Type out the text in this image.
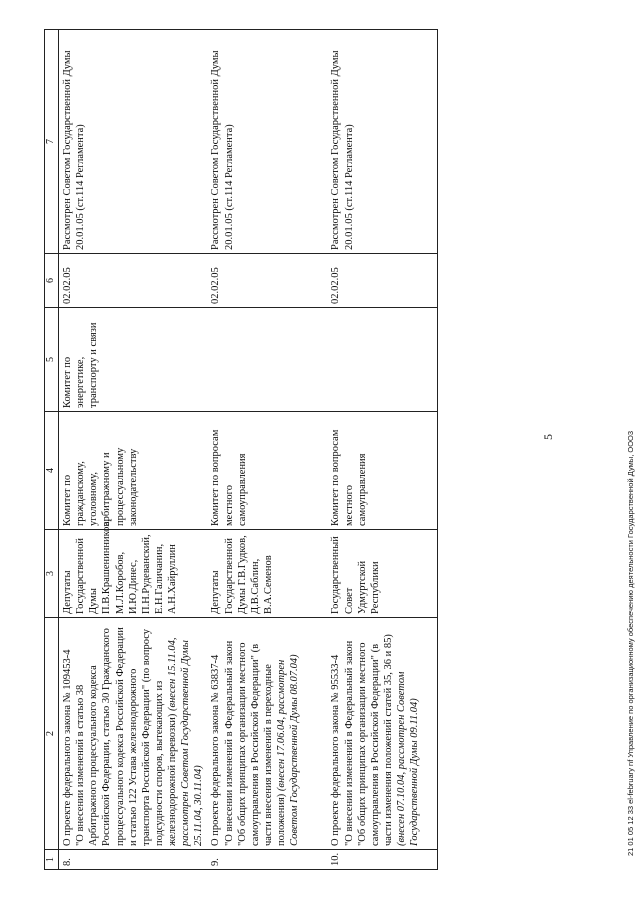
5
1	2	3	4	5	6	7
8.	О проекте федерального закона № 109453-4 "О внесении изменений в статью 38 Арбитражного процессуального кодекса Российской Федерации, статью 30 Гражданского процессуального кодекса Российской Федерации и статью 122 Устава железнодорожного транспорта Российской Федерации" (по вопросу подсудности споров, вытекающих из железнодорожной перевозки) (внесен 15.11.04, рассмотрен Советом Государственной Думы 25.11.04, 30.11.04)	Депутаты Государственной Думы П.В.Крашенинников, М.Л.Коробов, И.Ю.Динес, П.Н.Рудеванский, Е.Н.Галичанин, А.Н.Хайруллин	Комитет по гражданскому, уголовному, арбитражному и процессуальному законодательству	Комитет по энергетике, транспорту и связи	02.02.05	Рассмотрен Советом Государственной Думы 20.01.05 (ст.114 Регламента)
9.	О проекте федерального закона № 63837-4 "О внесении изменений в Федеральный закон "Об общих принципах организации местного самоуправления в Российской Федерации" (в части внесения изменений в переходные положения) (внесен 17.06.04, рассмотрен Советом Государственной Думы 08.07.04)	Депутаты Государственной Думы Г.В.Гудков, Д.В.Саблин, В.А.Семенов	Комитет по вопросам местного самоуправления		02.02.05	Рассмотрен Советом Государственной Думы 20.01.05 (ст.114 Регламента)
10.	О проекте федерального закона № 95533-4 "О внесении изменений в Федеральный закон "Об общих принципах организации местного самоуправления в Российской Федерации" (в части изменения положений статей 35, 36 и 85) (внесен 07.10.04, рассмотрен Советом Государственной Думы 09.11.04)	Государственный Совет Удмуртской Республики	Комитет по вопросам местного самоуправления		02.02.05	Рассмотрен Советом Государственной Думы 20.01.05 (ст.114 Регламента)
21 01 05 12 33 el-february nf Управление по организационному обеспечению деятельности Государственной Думы, ООО3
